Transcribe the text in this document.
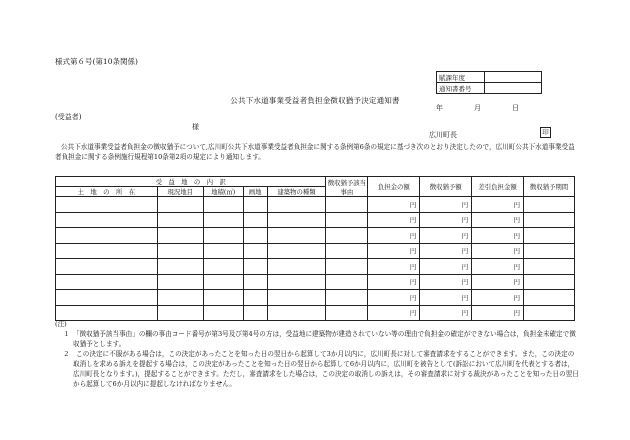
様式第６号(第10条関係)
賦課年度	
通知書番号	
公共下水道事業受益者負担金徴収猶予決定通知書
年	月	日
(受益者)
様
広川町長	印
公共下水道事業受益者負担金の徴収猶予について,広川町公共下水道事業受益者負担金に関する条例第6条の規定に基づき次のとおり決定したので，広川町公共下水道事業受益者負担金に関する条例施行規程第10条第2項の規定により通知します。
受　益　地　の　内　訳					徴収猶予該当事由	負担金の額	徴収猶予額	差引負担金額	徴収猶予期間
土　地　の　所　在	現況地目	地積(㎡)	画地	建築物の種類					
						円	円	円	
						円	円	円	
						円	円	円	
						円	円	円	
						円	円	円	
						円	円	円	
						円	円	円	
						円	円	円	
(注)
１　「徴収猶予該当事由」の欄の事由コード番号が第3号及び第4号の方は，受益地に建築物が建造されていない等の理由で負担金の確定ができない場合は，負担金未確定で徴収猶予とします。
２　この決定に不服がある場合は，この決定があったことを知った日の翌日から起算して3か月以内に，広川町長に対して審査請求をすることができます。また，この決定の取消しを求める訴えを提起する場合は，この決定があったことを知った日の翌日から起算して6か月以内に，広川町を被告として(訴訟において広川町を代表とする者は，広川町長となります。)，提起することができます。ただし，審査請求をした場合は，この決定の取消しの訴えは，その審査請求に対する裁決があったことを知った日の翌日から起算して6か月以内に提起しなければなりません。
